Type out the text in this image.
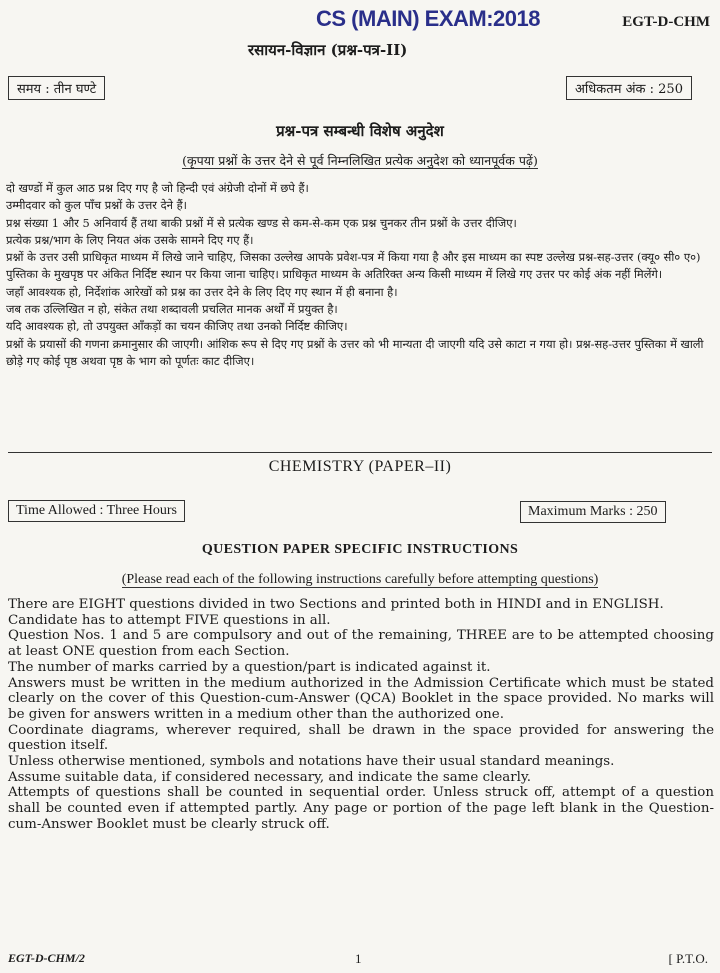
CS (MAIN) EXAM:2018	EGT-D-CHM
रसायन-विज्ञान (प्रश्न-पत्र-II)
समय : तीन घण्टे	अधिकतम अंक : 250
प्रश्न-पत्र सम्बन्धी विशेष अनुदेश
(कृपया प्रश्नों के उत्तर देने से पूर्व निम्नलिखित प्रत्येक अनुदेश को ध्यानपूर्वक पढ़ें)

दो खण्डों में कुल आठ प्रश्न दिए गए है जो हिन्दी एवं अंग्रेजी दोनों में छपे हैं।

उम्मीदवार को कुल पाँच प्रश्नों के उत्तर देने हैं।

प्रश्न संख्या 1 और 5 अनिवार्य हैं तथा बाकी प्रश्नों में से प्रत्येक खण्ड से कम-से-कम एक प्रश्न चुनकर तीन प्रश्नों के उत्तर दीजिए।

प्रत्येक प्रश्न/भाग के लिए नियत अंक उसके सामने दिए गए हैं।

प्रश्नों के उत्तर उसी प्राधिकृत माध्यम में लिखे जाने चाहिए, जिसका उल्लेख आपके प्रवेश-पत्र में किया गया है और इस माध्यम का स्पष्ट उल्लेख प्रश्न-सह-उत्तर (क्यू० सी० ए०) पुस्तिका के मुखपृष्ठ पर अंकित निर्दिष्ट स्थान पर किया जाना चाहिए। प्राधिकृत माध्यम के अतिरिक्त अन्य किसी माध्यम में लिखे गए उत्तर पर कोई अंक नहीं मिलेंगे।

जहाँ आवश्यक हो, निर्देशांक आरेखों को प्रश्न का उत्तर देने के लिए दिए गए स्थान में ही बनाना है।

जब तक उल्लिखित न हो, संकेत तथा शब्दावली प्रचलित मानक अर्थों में प्रयुक्त है।

यदि आवश्यक हो, तो उपयुक्त आँकड़ों का चयन कीजिए तथा उनको निर्दिष्ट कीजिए।

प्रश्नों के प्रयासों की गणना क्रमानुसार की जाएगी। आंशिक रूप से दिए गए प्रश्नों के उत्तर को भी मान्यता दी जाएगी यदि उसे काटा न गया हो। प्रश्न-सह-उत्तर पुस्तिका में खाली छोड़े गए कोई पृष्ठ अथवा पृष्ठ के भाग को पूर्णतः काट दीजिए।

CHEMISTRY (PAPER–II)
Time Allowed : Three Hours	Maximum Marks : 250
QUESTION PAPER SPECIFIC INSTRUCTIONS
(Please read each of the following instructions carefully before attempting questions)

There are EIGHT questions divided in two Sections and printed both in HINDI and in ENGLISH.

Candidate has to attempt FIVE questions in all.

Question Nos. 1 and 5 are compulsory and out of the remaining, THREE are to be attempted choosing at least ONE question from each Section.

The number of marks carried by a question/part is indicated against it.

Answers must be written in the medium authorized in the Admission Certificate which must be stated clearly on the cover of this Question-cum-Answer (QCA) Booklet in the space provided. No marks will be given for answers written in a medium other than the authorized one.

Coordinate diagrams, wherever required, shall be drawn in the space provided for answering the question itself.

Unless otherwise mentioned, symbols and notations have their usual standard meanings.

Assume suitable data, if considered necessary, and indicate the same clearly.

Attempts of questions shall be counted in sequential order. Unless struck off, attempt of a question shall be counted even if attempted partly. Any page or portion of the page left blank in the Question-cum-Answer Booklet must be clearly struck off.

EGT-D-CHM/2	1	[ P.T.O.
